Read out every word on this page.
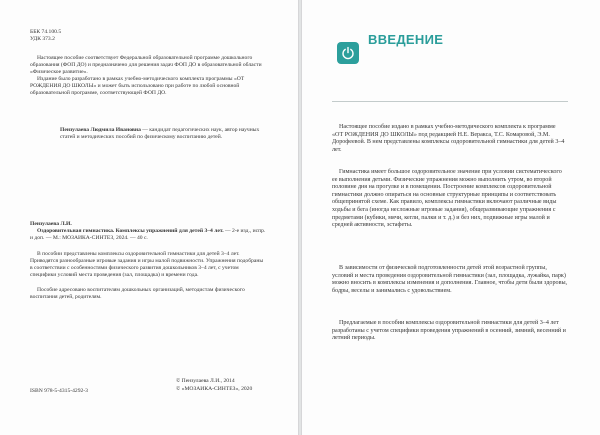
ББК 74.100.5

УДК 373.2

Настоящее пособие соответствует Федеральной образовательной программе дошкольного образования (ФОП ДО) и предназначено для решения задач ФОП ДО в образовательной области «Физическое развитие».

Издание было разработано в рамках учебно-методического комплекта программы «ОТ РОЖДЕНИЯ ДО ШКОЛЫ» и может быть использовано при работе по любой основной образовательной программе, соответствующей ФОП ДО.

Пензулаева Людмила Ивановна — кандидат педагогических наук, автор научных статей и методических пособий по физическому воспитанию детей.

Пензулаева Л.И.

Оздоровительная гимнастика. Комплексы упражнений для детей 3–4 лет. — 2-е изд., испр. и доп. — М.: МОЗАИКА-СИНТЕЗ, 2024. — 40 с.

В пособии представлены комплексы оздоровительной гимнастики для детей 3–4 лет. Приводятся разнообразные игровые задания и игры малой подвижности. Упражнения подобраны в соответствии с особенностями физического развития дошкольников 3–4 лет, с учетом специфики условий места проведения (зал, площадка) и времени года.

Пособие адресовано воспитателям дошкольных организаций, методистам физического воспитания детей, родителям.

ISBN 978-5-4315-4292-3

© Пензулаева Л.И., 2014

© «МОЗАИКА-СИНТЕЗ», 2020

ВВЕДЕНИЕ

Настоящее пособие издано в рамках учебно-методического комплекта к программе «ОТ РОЖДЕНИЯ ДО ШКОЛЫ» под редакцией Н.Е. Веракса, Т.С. Комаровой, Э.М. Дорофеевой. В нем представлены комплексы оздоровительной гимнастики для детей 3–4 лет.

Гимнастика имеет большое оздоровительное значение при условии систематического ее выполнения детьми. Физические упражнения можно выполнить утром, во второй половине дня на прогулке и в помещении. Построение комплексов оздоровительной гимнастики должно опираться на основные структурные принципы и соответствовать общепринятой схеме. Как правило, комплексы гимнастики включают различные виды ходьбы и бега (иногда несложные игровые задания), общеразвивающие упражнения с предметами (кубики, мячи, кегли, палки и т. д.) и без них, подвижные игры малой и средней активности, эстафеты.

В зависимости от физической подготовленности детей этой возрастной группы, условий и места проведения оздоровительной гимнастики (зал, площадка, лужайка, парк) можно вносить в комплексы изменения и дополнения. Главное, чтобы дети были здоровы, бодры, веселы и занимались с удовольствием.

Предлагаемые в пособии комплексы оздоровительной гимнастики для детей 3–4 лет разработаны с учетом специфики проведения упражнений в осенний, зимний, весенний и летний периоды.
